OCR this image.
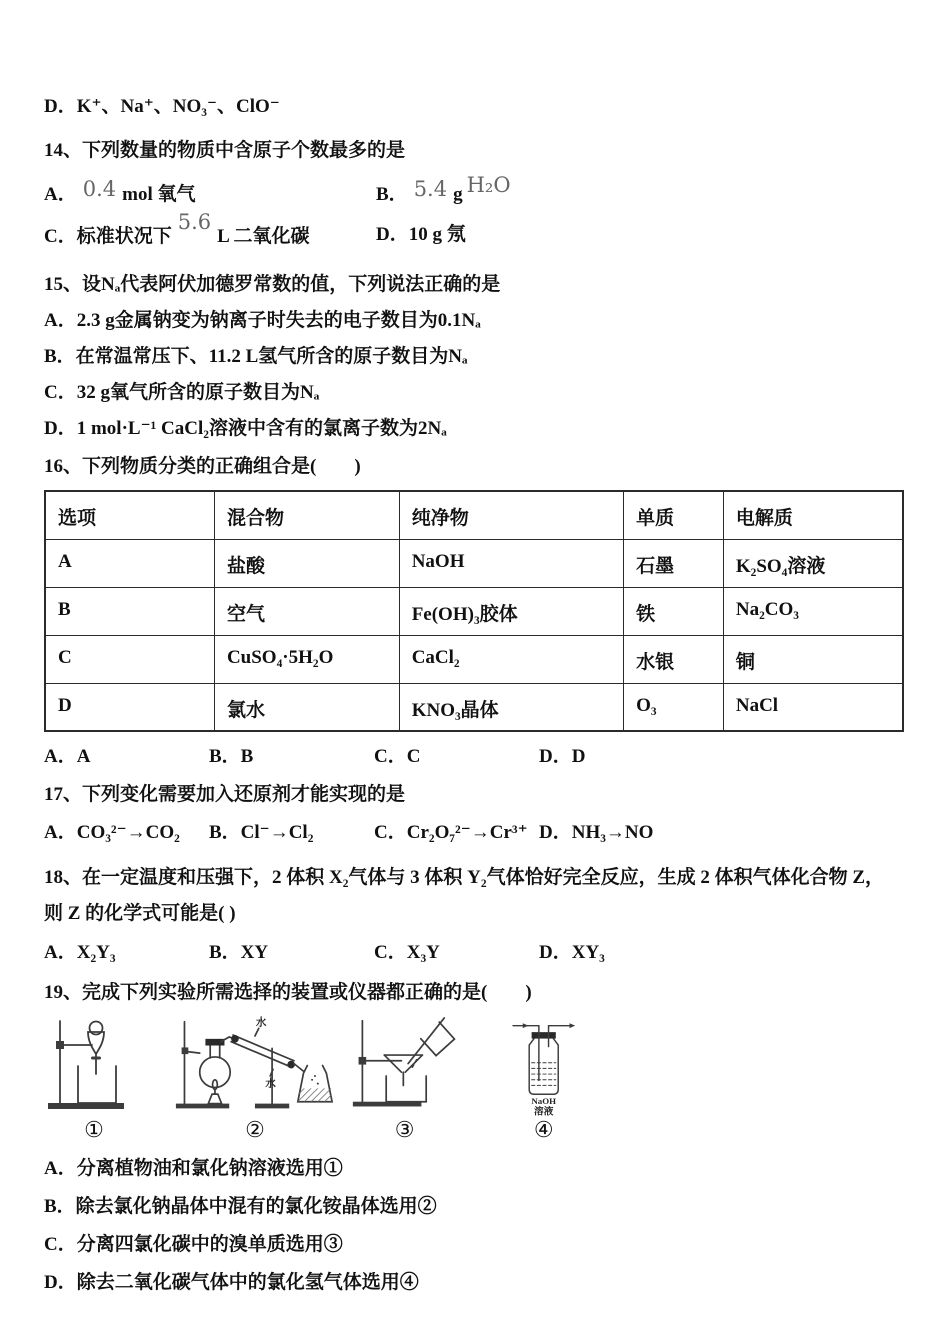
D．K⁺、Na⁺、NO₃⁻、ClO⁻
14、下列数量的物质中含原子个数最多的是
A． 0.4 mol 氧气	B． 5.4 g H₂O
C．标准状况下5.6L 二氧化碳	D．10 g 氖
15、设Nₐ代表阿伏加德罗常数的值，下列说法正确的是
A．2.3 g金属钠变为钠离子时失去的电子数目为0.1Nₐ
B．在常温常压下、11.2 L氢气所含的原子数目为Nₐ
C．32 g氧气所含的原子数目为Nₐ
D．1 mol·L⁻¹ CaCl₂溶液中含有的氯离子数为2Nₐ
16、下列物质分类的正确组合是(　　)
选项	混合物	纯净物	单质	电解质
A	盐酸	NaOH	石墨	K₂SO₄溶液
B	空气	Fe(OH)₃胶体	铁	Na₂CO₃
C	CuSO₄·5H₂O	CaCl₂	水银	铜
D	氯水	KNO₃晶体	O₃	NaCl
A．A	B．B	C．C	D．D
17、下列变化需要加入还原剂才能实现的是
A．CO₃²⁻→CO₂	B．Cl⁻→Cl₂	C．Cr₂O₇²⁻→Cr³⁺ D．NH₃→NO
18、在一定温度和压强下，2 体积 X₂气体与 3 体积 Y₂气体恰好完全反应，生成 2 体积气体化合物 Z，则 Z 的化学式可能是( )
A．X₂Y₃	B．XY	C．X₃Y	D．XY₃
19、完成下列实验所需选择的装置或仪器都正确的是(　　)
①
水
水
②	③
NaOH
溶液
④
A．分离植物油和氯化钠溶液选用①
B．除去氯化钠晶体中混有的氯化铵晶体选用②
C．分离四氯化碳中的溴单质选用③
D．除去二氧化碳气体中的氯化氢气体选用④
